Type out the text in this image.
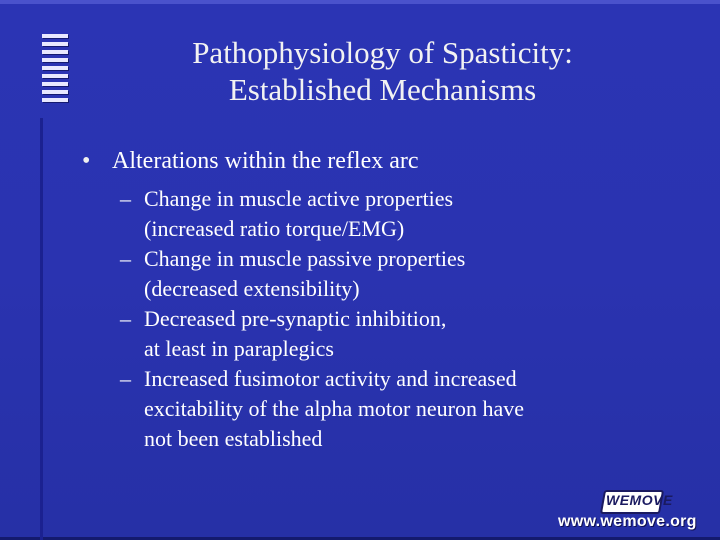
Pathophysiology of Spasticity:
Established Mechanisms
• Alterations within the reflex arc
– Change in muscle active properties
(increased ratio torque/EMG)
– Change in muscle passive properties
(decreased extensibility)
– Decreased pre-synaptic inhibition,
at least in paraplegics
– Increased fusimotor activity and increased
excitability of the alpha motor neuron have
not been established
WEMOVE
www.wemove.org
